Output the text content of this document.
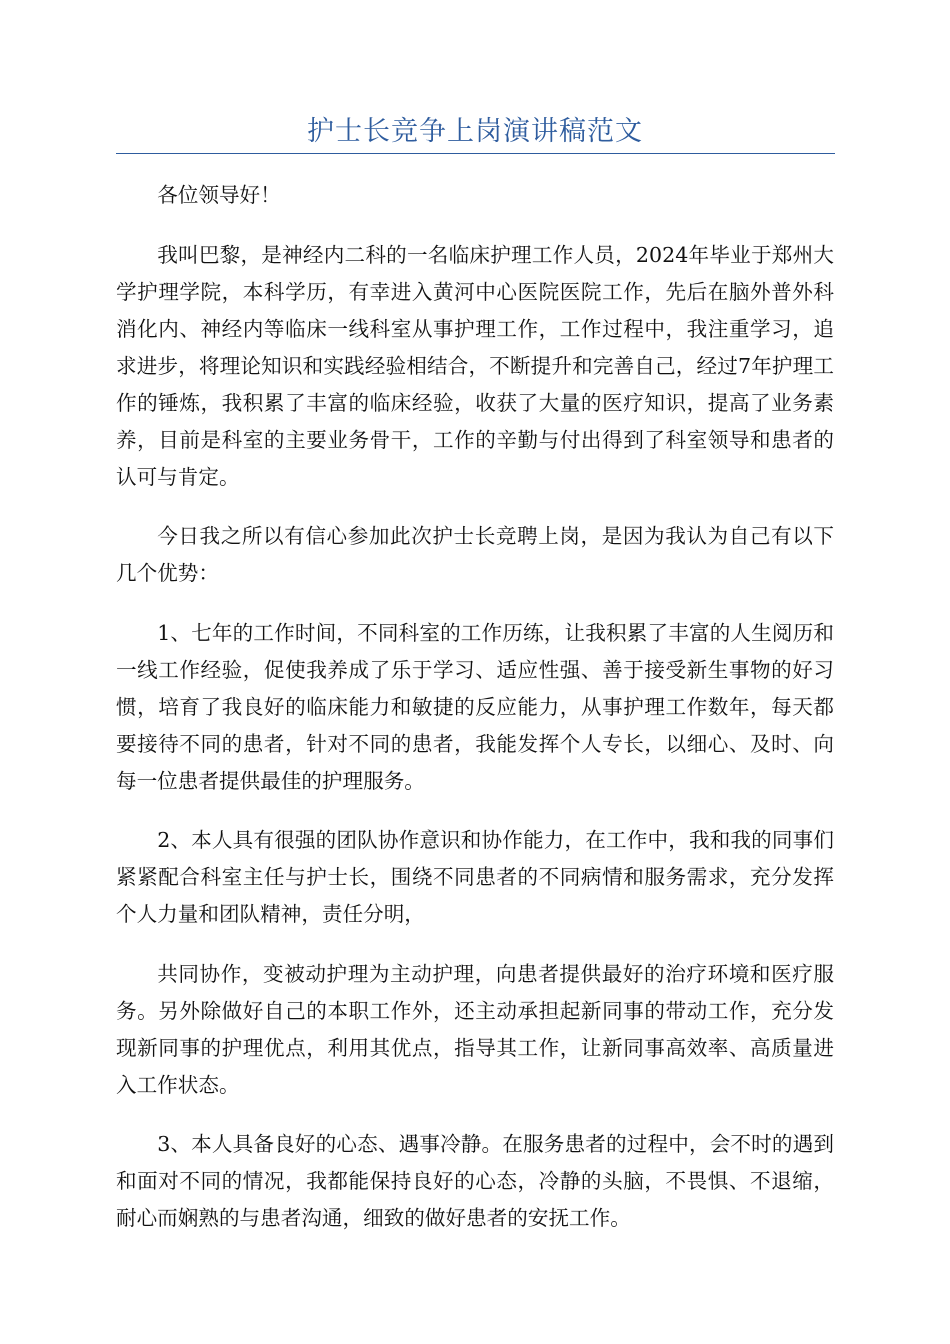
护士长竞争上岗演讲稿范文

各位领导好！

我叫巴黎，是神经内二科的一名临床护理工作人员，2024年毕业于郑州大学护理学院，本科学历，有幸进入黄河中心医院医院工作，先后在脑外普外科消化内、神经内等临床一线科室从事护理工作，工作过程中，我注重学习，追求进步，将理论知识和实践经验相结合，不断提升和完善自己，经过7年护理工作的锤炼，我积累了丰富的临床经验，收获了大量的医疗知识，提高了业务素养，目前是科室的主要业务骨干，工作的辛勤与付出得到了科室领导和患者的认可与肯定。

今日我之所以有信心参加此次护士长竞聘上岗，是因为我认为自己有以下几个优势：

1、七年的工作时间，不同科室的工作历练，让我积累了丰富的人生阅历和一线工作经验，促使我养成了乐于学习、适应性强、善于接受新生事物的好习惯，培育了我良好的临床能力和敏捷的反应能力，从事护理工作数年，每天都要接待不同的患者，针对不同的患者，我能发挥个人专长，以细心、及时、向每一位患者提供最佳的护理服务。

2、本人具有很强的团队协作意识和协作能力，在工作中，我和我的同事们紧紧配合科室主任与护士长，围绕不同患者的不同病情和服务需求，充分发挥个人力量和团队精神，责任分明，

共同协作，变被动护理为主动护理，向患者提供最好的治疗环境和医疗服务。另外除做好自己的本职工作外，还主动承担起新同事的带动工作，充分发现新同事的护理优点，利用其优点，指导其工作，让新同事高效率、高质量进入工作状态。

3、本人具备良好的心态、遇事冷静。在服务患者的过程中，会不时的遇到和面对不同的情况，我都能保持良好的心态，冷静的头脑，不畏惧、不退缩，耐心而娴熟的与患者沟通，细致的做好患者的安抚工作。
